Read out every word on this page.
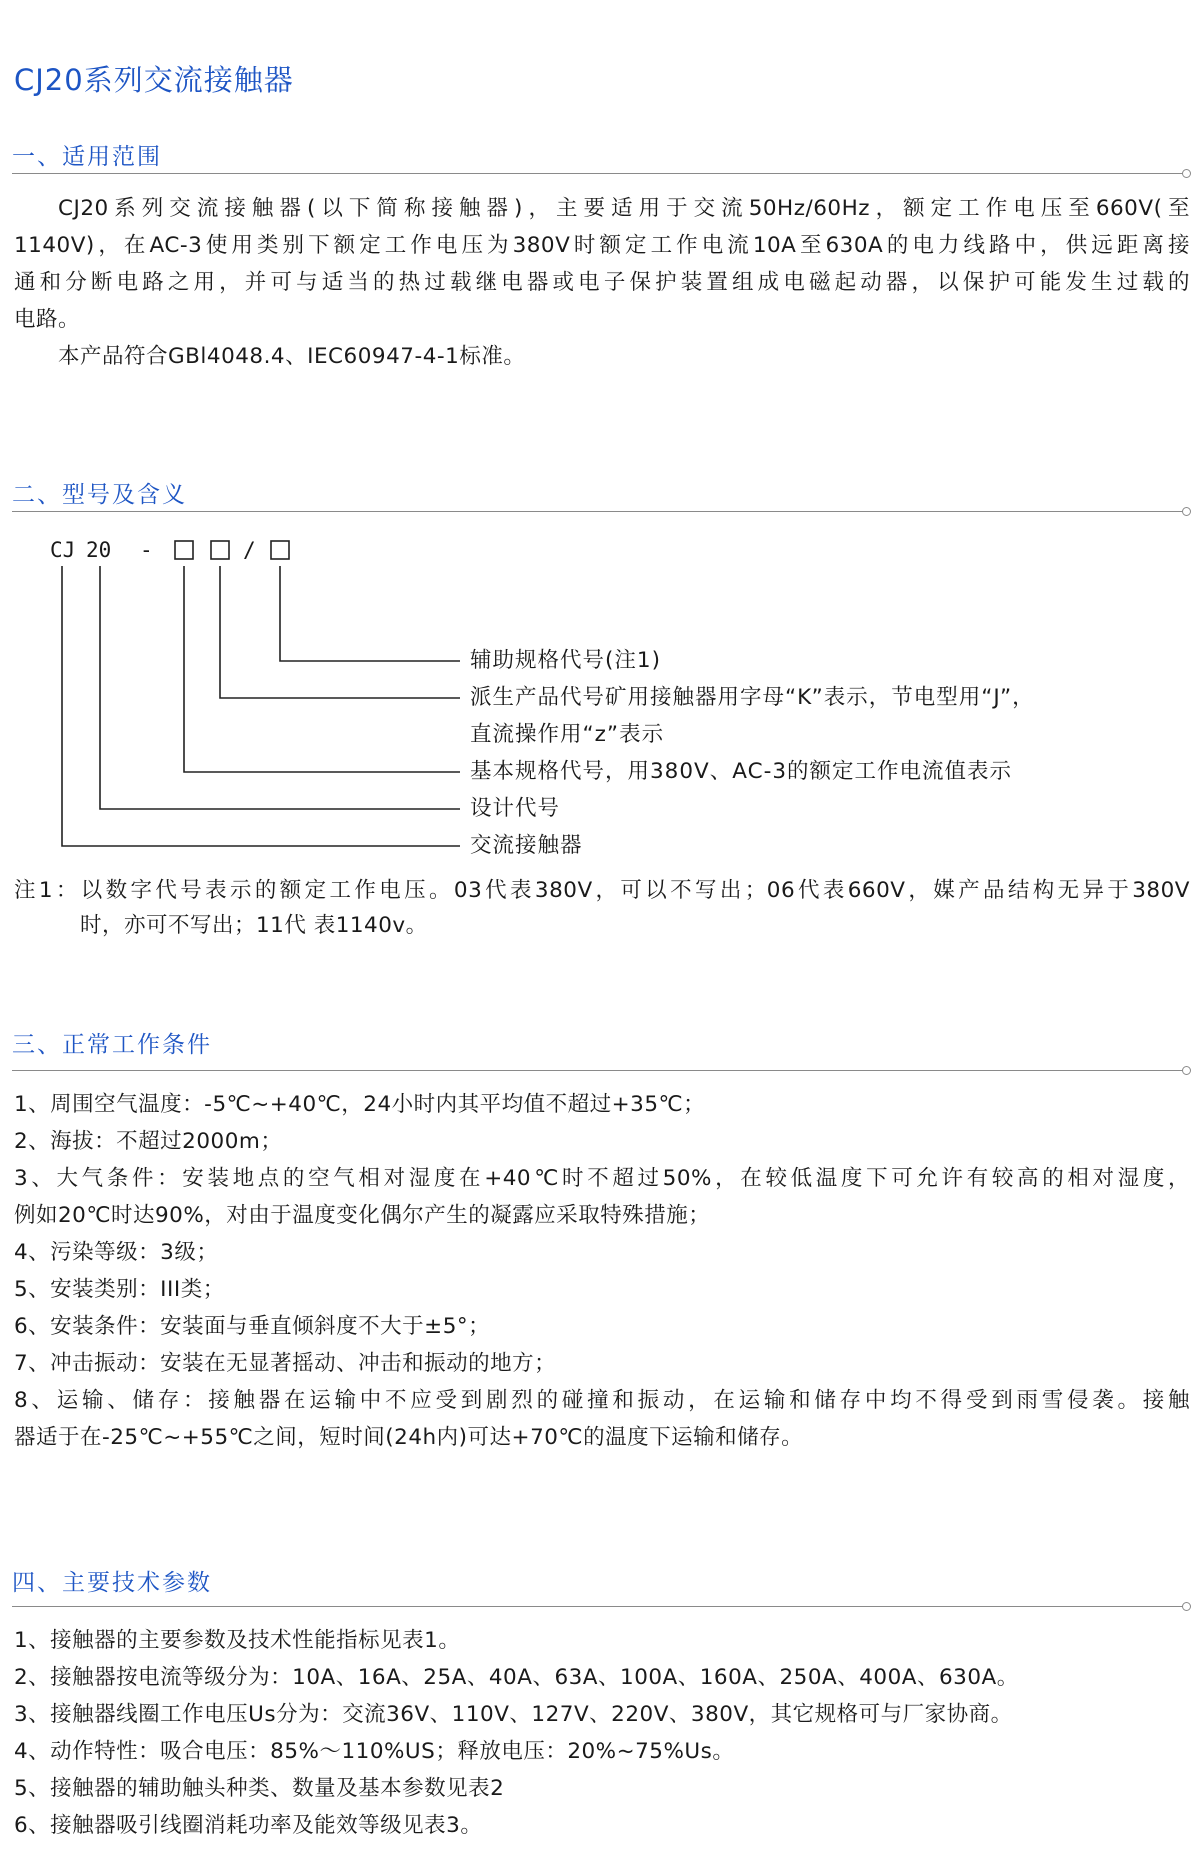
CJ20系列交流接触器
一、适用范围
CJ20系列交流接触器(以下简称接触器)，主要适用于交流50Hz/60Hz，额定工作电压至660V(至
1140V)，在AC-3使用类别下额定工作电压为380V时额定工作电流10A至630A的电力线路中，供远距离接
通和分断电路之用，并可与适当的热过载继电器或电子保护装置组成电磁起动器，以保护可能发生过载的
电路。
本产品符合GBl4048.4、IEC60947-4-1标准。
二、型号及含义
CJ 20 -	/
辅助规格代号(注1)
派生产品代号矿用接触器用字母“K”表示，节电型用“J”，
直流操作用“z”表示
基本规格代号，用380V、AC-3的额定工作电流值表示
设计代号
交流接触器
注1：以数字代号表示的额定工作电压。03代表380V，可以不写出；06代表660V，媒产品结构无异于380V
时，亦可不写出；11代 表1140v。
三、正常工作条件
1、周围空气温度：-5℃~+40℃，24小时内其平均值不超过+35℃；
2、海拔：不超过2000m；
3、大气条件：安装地点的空气相对湿度在+40℃时不超过50%，在较低温度下可允许有较高的相对湿度，
例如20℃时达90%，对由于温度变化偶尔产生的凝露应采取特殊措施；
4、污染等级：3级；
5、安装类别：III类；
6、安装条件：安装面与垂直倾斜度不大于±5°；
7、冲击振动：安装在无显著摇动、冲击和振动的地方；
8、运输、储存：接触器在运输中不应受到剧烈的碰撞和振动，在运输和储存中均不得受到雨雪侵袭。接触
器适于在-25℃~+55℃之间，短时间(24h内)可达+70℃的温度下运输和储存。
四、主要技术参数
1、接触器的主要参数及技术性能指标见表1。
2、接触器按电流等级分为：10A、16A、25A、40A、63A、100A、160A、250A、400A、630A。
3、接触器线圈工作电压Us分为：交流36V、110V、127V、220V、380V，其它规格可与厂家协商。
4、动作特性：吸合电压：85%～110%US；释放电压：20%~75%Us。
5、接触器的辅助触头种类、数量及基本参数见表2
6、接触器吸引线圈消耗功率及能效等级见表3。
